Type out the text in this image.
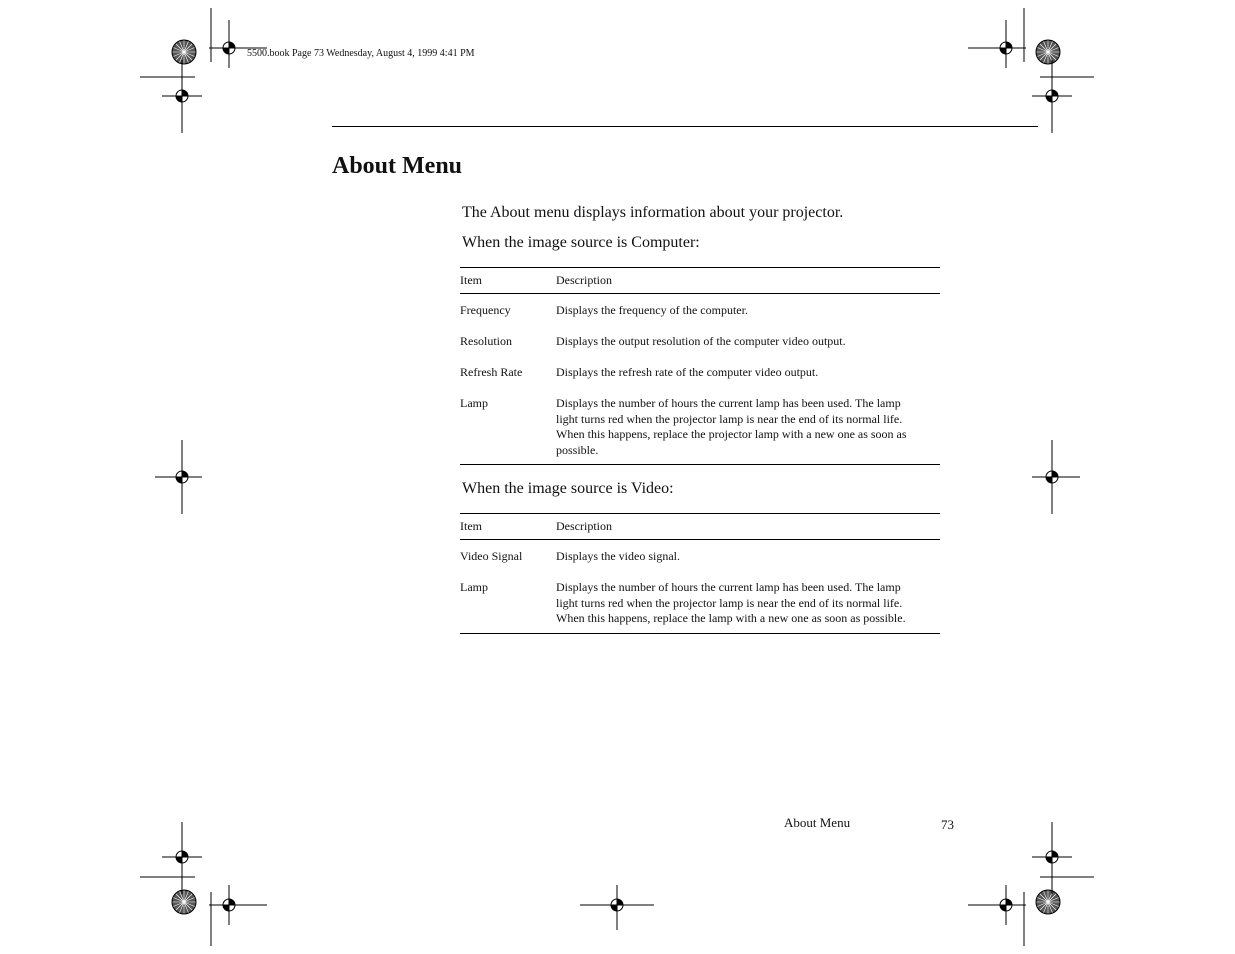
5500.book Page 73 Wednesday, August 4, 1999 4:41 PM
About Menu
The About menu displays information about your projector.
When the image source is Computer:
Item	Description
Frequency	Displays the frequency of the computer.

Resolution	Displays the output resolution of the computer video output.

Refresh Rate	Displays the refresh rate of the computer video output.

Lamp	Displays the number of hours the current lamp has been used. The lamp
light turns red when the projector lamp is near the end of its normal life.
When this happens, replace the projector lamp with a new one as soon as
possible.
When the image source is Video:
Item	Description
Video Signal	Displays the video signal.

Lamp	Displays the number of hours the current lamp has been used. The lamp
light turns red when the projector lamp is near the end of its normal life.
When this happens, replace the lamp with a new one as soon as possible.
About Menu	73
